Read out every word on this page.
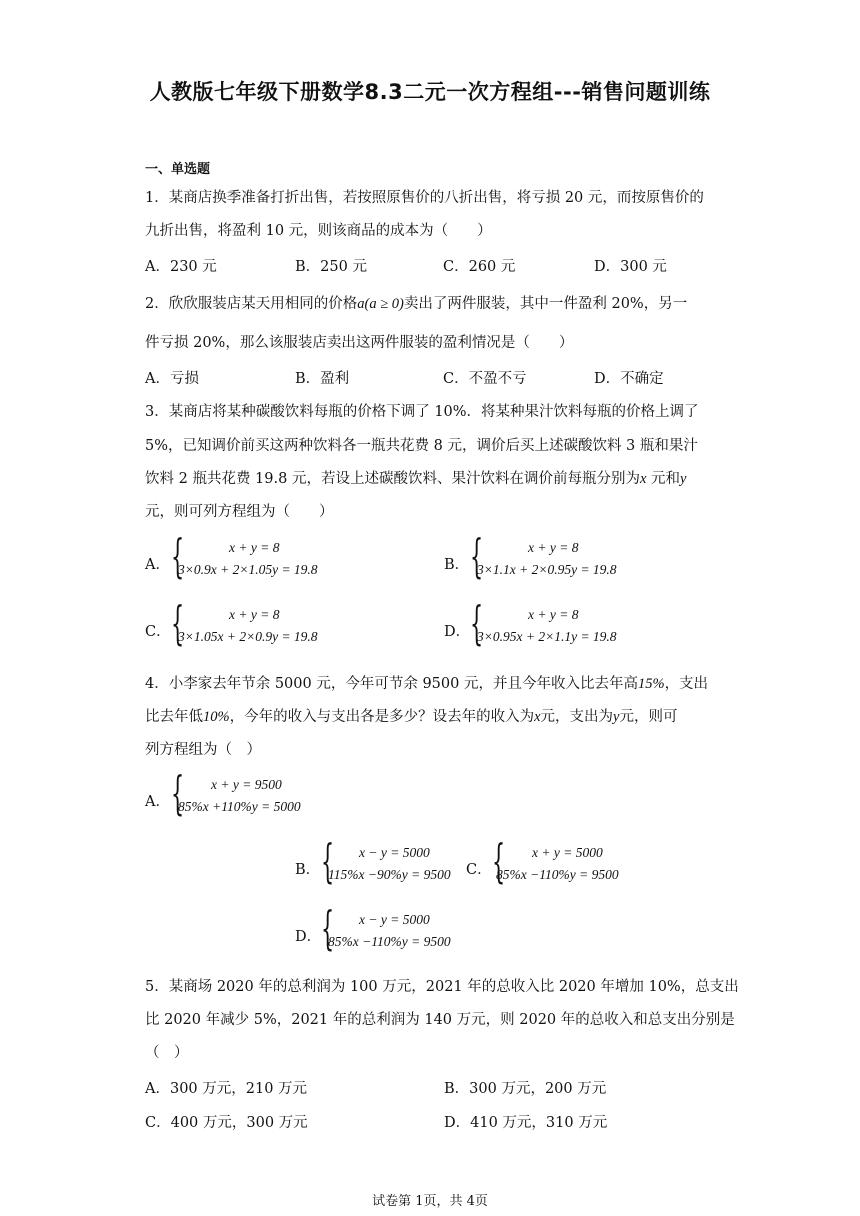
人教版七年级下册数学8.3二元一次方程组---销售问题训练
一、单选题
1．某商店换季准备打折出售，若按照原售价的八折出售，将亏损 20 元，而按原售价的
九折出售，将盈利 10 元，则该商品的成本为（　　）
A．230 元	B．250 元	C．260 元	D．300 元
2．欣欣服装店某天用相同的价格a(a ≥ 0)卖出了两件服装，其中一件盈利 20%，另一
件亏损 20%，那么该服装店卖出这两件服装的盈利情况是（　　）
A．亏损	B．盈利	C．不盈不亏	D．不确定
3．某商店将某种碳酸饮料每瓶的价格下调了 10%．将某种果汁饮料每瓶的价格上调了
5%，已知调价前买这两种饮料各一瓶共花费 8 元，调价后买上述碳酸饮料 3 瓶和果汁
饮料 2 瓶共花费 19.8 元，若设上述碳酸饮料、果汁饮料在调价前每瓶分别为x 元和y
元，则可列方程组为（　　）
A． {	x + y = 8
3×0.9x + 2×1.05y = 19.8	B． {	x + y = 8
3×1.1x + 2×0.95y = 19.8
C． {	x + y = 8
3×1.05x + 2×0.9y = 19.8	D． {	x + y = 8
3×0.95x + 2×1.1y = 19.8
4．小李家去年节余 5000 元，今年可节余 9500 元，并且今年收入比去年高15%，支出
比去年低10%，今年的收入与支出各是多少？设去年的收入为x元，支出为y元，则可
列方程组为（　）
A． { x + y = 9500
85%x +110%y = 5000
B． { x − y = 5000
115%x −90%y = 9500 C． { x + y = 5000
85%x −110%y = 9500
D． { x − y = 5000
85%x −110%y = 9500
5．某商场 2020 年的总利润为 100 万元，2021 年的总收入比 2020 年增加 10%，总支出
比 2020 年减少 5%，2021 年的总利润为 140 万元，则 2020 年的总收入和总支出分别是
（　）
A．300 万元，210 万元	B．300 万元，200 万元
C．400 万元，300 万元	D．410 万元，310 万元
试卷第 1页，共 4页
